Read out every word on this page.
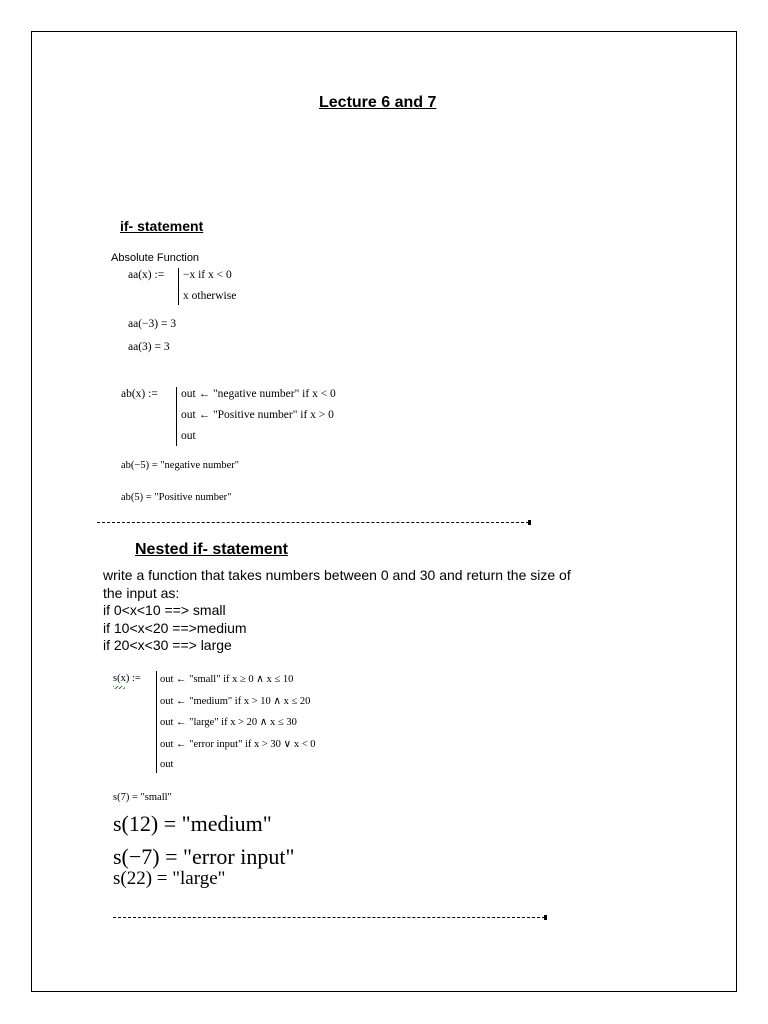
Lecture 6 and 7
if- statement
Absolute Function
aa(x) := −x if x < 0
x otherwise
aa(−3) = 3
aa(3) = 3
ab(x) := out ← "negative number" if x < 0
out ← "Positive number" if x > 0
out
ab(−5) = "negative number"
ab(5) = "Positive number"
Nested if- statement
write a function that takes numbers between 0 and 30 and return the size of
the input as:
if 0<x<10 ==> small
if 10<x<20 ==>medium
if 20<x<30 ==> large
s(x) := out ← "small" if x ≥ 0 ∧ x ≤ 10
out ← "medium" if x > 10 ∧ x ≤ 20
out ← "large" if x > 20 ∧ x ≤ 30
out ← "error input" if x > 30 ∨ x < 0
out
s(7) = "small"
s(12) = "medium"
s(−7) = "error input"
s(22) = "large"
